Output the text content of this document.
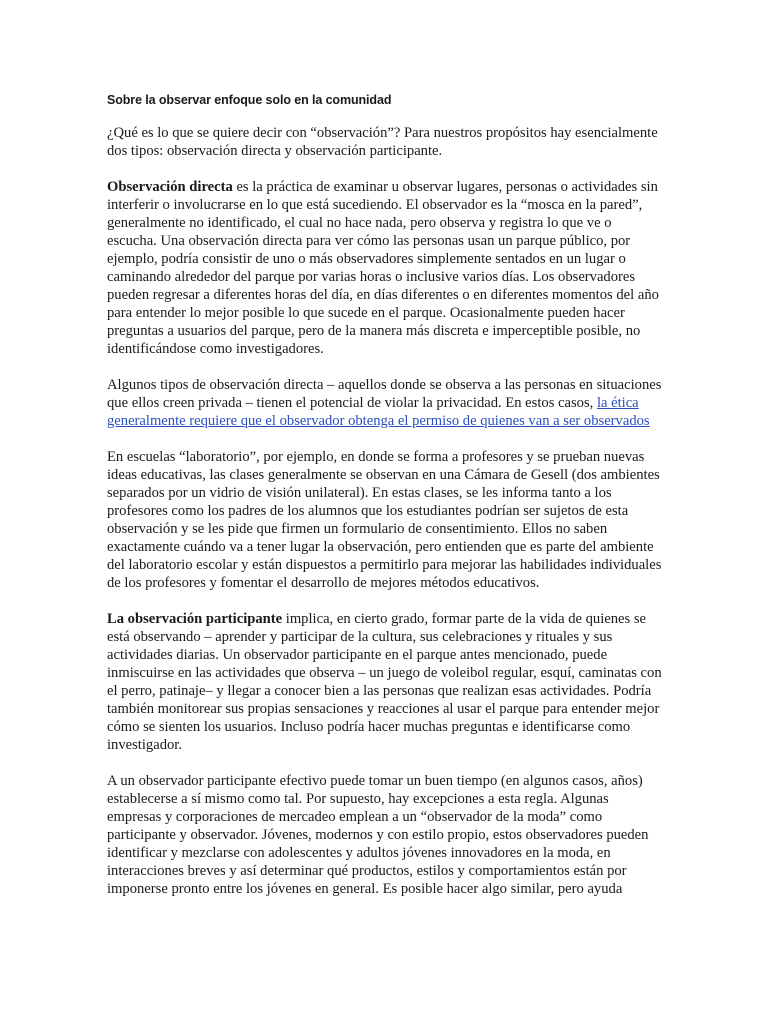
Sobre la observar enfoque solo en la comunidad

¿Qué es lo que se quiere decir con “observación”? Para nuestros propósitos hay esencialmente dos tipos: observación directa y observación participante.

Observación directa es la práctica de examinar u observar lugares, personas o actividades sin interferir o involucrarse en lo que está sucediendo. El observador es la “mosca en la pared”, generalmente no identificado, el cual no hace nada, pero observa y registra lo que ve o escucha. Una observación directa para ver cómo las personas usan un parque público, por ejemplo, podría consistir de uno o más observadores simplemente sentados en un lugar o caminando alrededor del parque por varias horas o inclusive varios días. Los observadores pueden regresar a diferentes horas del día, en días diferentes o en diferentes momentos del año para entender lo mejor posible lo que sucede en el parque. Ocasionalmente pueden hacer preguntas a usuarios del parque, pero de la manera más discreta e imperceptible posible, no identificándose como investigadores.

Algunos tipos de observación directa – aquellos donde se observa a las personas en situaciones que ellos creen privada – tienen el potencial de violar la privacidad. En estos casos, la ética generalmente requiere que el observador obtenga el permiso de quienes van a ser observados

En escuelas “laboratorio”, por ejemplo, en donde se forma a profesores y se prueban nuevas ideas educativas, las clases generalmente se observan en una Cámara de Gesell (dos ambientes separados por un vidrio de visión unilateral). En estas clases, se les informa tanto a los profesores como los padres de los alumnos que los estudiantes podrían ser sujetos de esta observación y se les pide que firmen un formulario de consentimiento. Ellos no saben exactamente cuándo va a tener lugar la observación, pero entienden que es parte del ambiente del laboratorio escolar y están dispuestos a permitirlo para mejorar las habilidades individuales de los profesores y fomentar el desarrollo de mejores métodos educativos.

La observación participante implica, en cierto grado, formar parte de la vida de quienes se está observando – aprender y participar de la cultura, sus celebraciones y rituales y sus actividades diarias. Un observador participante en el parque antes mencionado, puede inmiscuirse en las actividades que observa – un juego de voleibol regular, esquí, caminatas con el perro, patinaje– y llegar a conocer bien a las personas que realizan esas actividades. Podría también monitorear sus propias sensaciones y reacciones al usar el parque para entender mejor cómo se sienten los usuarios. Incluso podría hacer muchas preguntas e identificarse como investigador.

A un observador participante efectivo puede tomar un buen tiempo (en algunos casos, años) establecerse a sí mismo como tal. Por supuesto, hay excepciones a esta regla. Algunas empresas y corporaciones de mercadeo emplean a un “observador de la moda” como participante y observador. Jóvenes, modernos y con estilo propio, estos observadores pueden identificar y mezclarse con adolescentes y adultos jóvenes innovadores en la moda, en interacciones breves y así determinar qué productos, estilos y comportamientos están por imponerse pronto entre los jóvenes en general. Es posible hacer algo similar, pero ayuda
